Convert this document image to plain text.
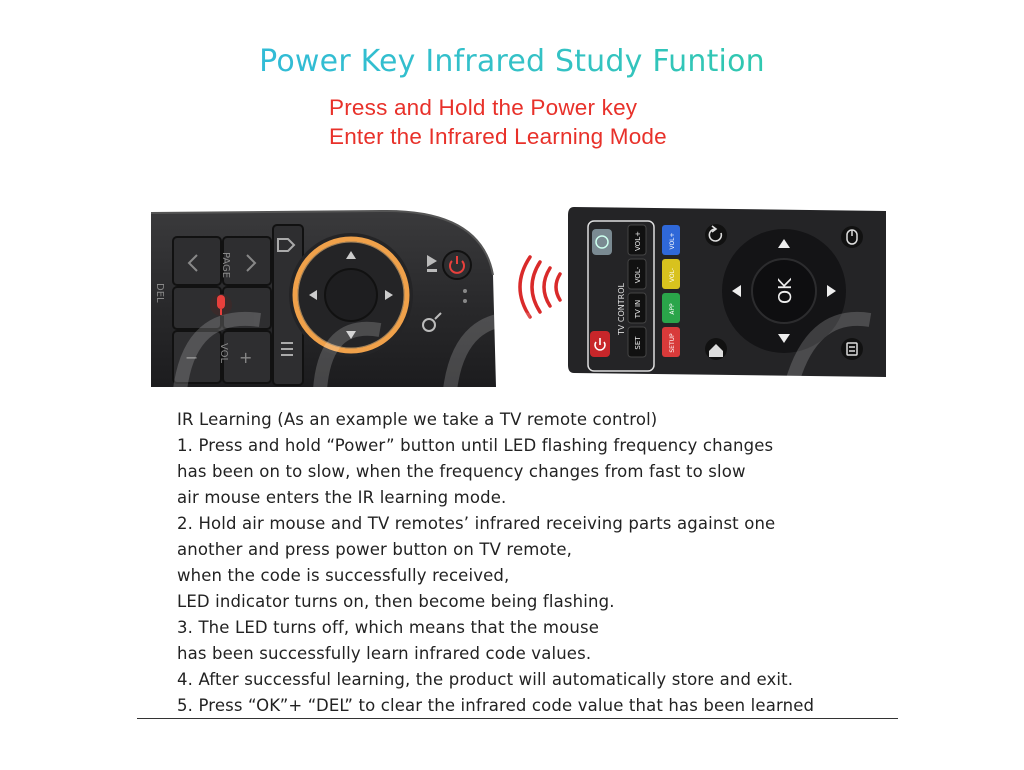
Power Key Infrared Study Funtion
Press and Hold the Power key
Enter the Infrared Learning Mode
PAGE
DEL
VOL +
−
TV CONTROL
VOL+
VOL-
TV IN
SET
VOL+
VOL-
APP
SETUP
OK
IR Learning (As an example we take a TV remote control)
1. Press and hold “Power” button until LED flashing frequency changes
has been on to slow, when the frequency changes from fast to slow
air mouse enters the IR learning mode.
2. Hold air mouse and TV remotes’ infrared receiving parts against one
another and press power button on TV remote,
when the code is successfully received,
LED indicator turns on, then become being flashing.
3. The LED turns off, which means that the mouse
has been successfully learn infrared code values.
4. After successful learning, the product will automatically store and exit.
5. Press “OK”+ “DEL” to clear the infrared code value that has been learned
